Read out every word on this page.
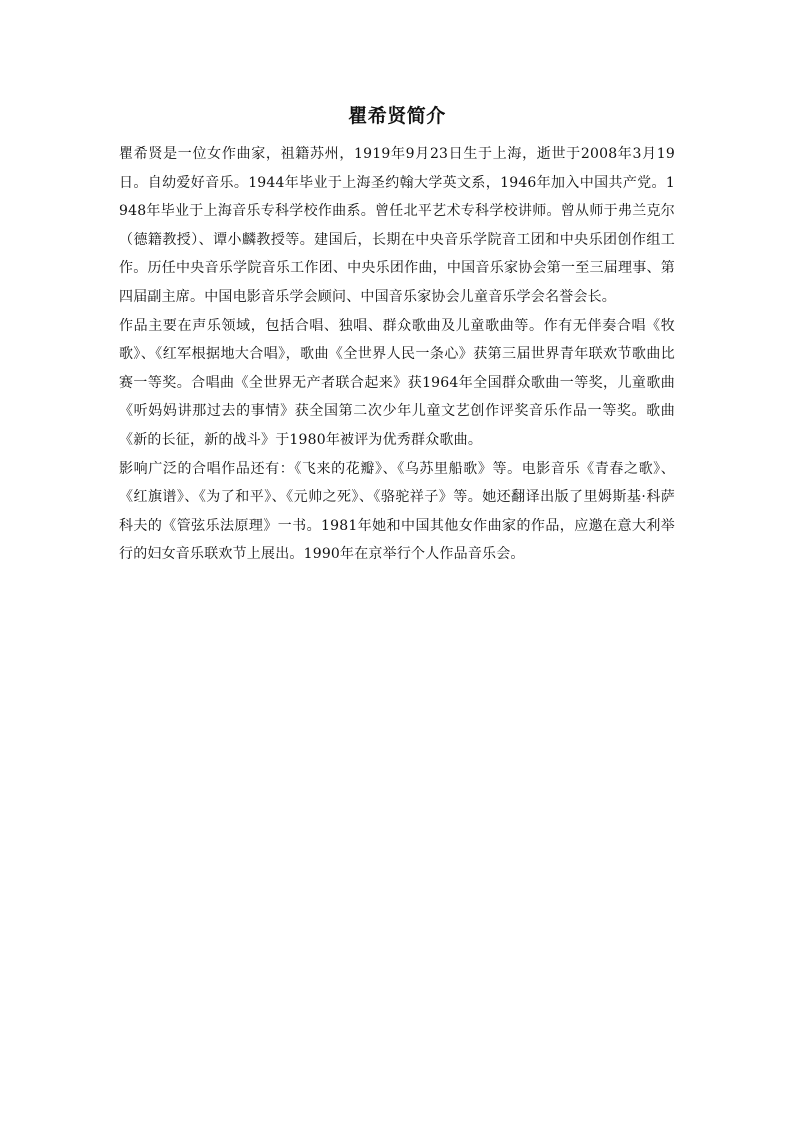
瞿希贤简介

瞿希贤是一位女作曲家，祖籍苏州，1919年9月23日生于上海，逝世于2008年3月19日。自幼爱好音乐。1944年毕业于上海圣约翰大学英文系，1946年加入中国共产党。1948年毕业于上海音乐专科学校作曲系。曾任北平艺术专科学校讲师。曾从师于弗兰克尔（德籍教授）、谭小麟教授等。建国后，长期在中央音乐学院音工团和中央乐团创作组工作。历任中央音乐学院音乐工作团、中央乐团作曲，中国音乐家协会第一至三届理事、第四届副主席。中国电影音乐学会顾问、中国音乐家协会儿童音乐学会名誉会长。

作品主要在声乐领域，包括合唱、独唱、群众歌曲及儿童歌曲等。作有无伴奏合唱《牧歌》、《红军根据地大合唱》，歌曲《全世界人民一条心》获第三届世界青年联欢节歌曲比赛一等奖。合唱曲《全世界无产者联合起来》获1964年全国群众歌曲一等奖，儿童歌曲《听妈妈讲那过去的事情》获全国第二次少年儿童文艺创作评奖音乐作品一等奖。歌曲《新的长征，新的战斗》于1980年被评为优秀群众歌曲。

影响广泛的合唱作品还有：《飞来的花瓣》、《乌苏里船歌》等。电影音乐《青春之歌》、《红旗谱》、《为了和平》、《元帅之死》、《骆驼祥子》等。她还翻译出版了里姆斯基·科萨科夫的《管弦乐法原理》一书。1981年她和中国其他女作曲家的作品，应邀在意大利举行的妇女音乐联欢节上展出。1990年在京举行个人作品音乐会。
